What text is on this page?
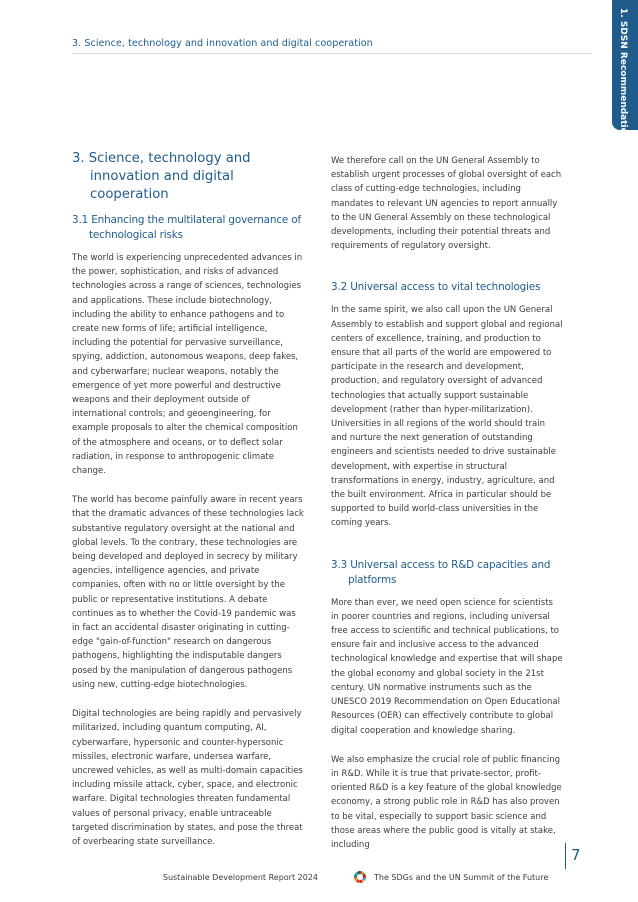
1. SDSN Recommendations
3. Science, technology and innovation and digital cooperation
3. Science, technology and innovation and digital cooperation
3.1 Enhancing the multilateral governance of technological risks

The world is experiencing unprecedented advances in the power, sophistication, and risks of advanced technologies across a range of sciences, technologies and applications. These include biotechnology, including the ability to enhance pathogens and to create new forms of life; artificial intelligence, including the potential for pervasive surveillance, spying, addiction, autonomous weapons, deep fakes, and cyberwarfare; nuclear weapons, notably the emergence of yet more powerful and destructive weapons and their deployment outside of international controls; and geoengineering, for example proposals to alter the chemical composition of the atmosphere and oceans, or to deflect solar radiation, in response to anthropogenic climate change.

The world has become painfully aware in recent years that the dramatic advances of these technologies lack substantive regulatory oversight at the national and global levels. To the contrary, these technologies are being developed and deployed in secrecy by military agencies, intelligence agencies, and private companies, often with no or little oversight by the public or representative institutions. A debate continues as to whether the Covid-19 pandemic was in fact an accidental disaster originating in cutting-edge "gain-of-function" research on dangerous pathogens, highlighting the indisputable dangers posed by the manipulation of dangerous pathogens using new, cutting-edge biotechnologies.

Digital technologies are being rapidly and pervasively militarized, including quantum computing, AI, cyberwarfare, hypersonic and counter-hypersonic missiles, electronic warfare, undersea warfare, uncrewed vehicles, as well as multi-domain capacities including missile attack, cyber, space, and electronic warfare. Digital technologies threaten fundamental values of personal privacy, enable untraceable targeted discrimination by states, and pose the threat of overbearing state surveillance.

We therefore call on the UN General Assembly to establish urgent processes of global oversight of each class of cutting-edge technologies, including mandates to relevant UN agencies to report annually to the UN General Assembly on these technological developments, including their potential threats and requirements of regulatory oversight.

3.2 Universal access to vital technologies

In the same spirit, we also call upon the UN General Assembly to establish and support global and regional centers of excellence, training, and production to ensure that all parts of the world are empowered to participate in the research and development, production, and regulatory oversight of advanced technologies that actually support sustainable development (rather than hyper-militarization). Universities in all regions of the world should train and nurture the next generation of outstanding engineers and scientists needed to drive sustainable development, with expertise in structural transformations in energy, industry, agriculture, and the built environment. Africa in particular should be supported to build world-class universities in the coming years.

3.3 Universal access to R&D capacities and platforms

More than ever, we need open science for scientists in poorer countries and regions, including universal free access to scientific and technical publications, to ensure fair and inclusive access to the advanced technological knowledge and expertise that will shape the global economy and global society in the 21st century. UN normative instruments such as the UNESCO 2019 Recommendation on Open Educational Resources (OER) can effectively contribute to global digital cooperation and knowledge sharing.

We also emphasize the crucial role of public financing in R&D. While it is true that private-sector, profit-oriented R&D is a key feature of the global knowledge economy, a strong public role in R&D has also proven to be vital, especially to support basic science and those areas where the public good is vitally at stake, including

Sustainable Development Report 2024	The SDGs and the UN Summit of the Future
7
